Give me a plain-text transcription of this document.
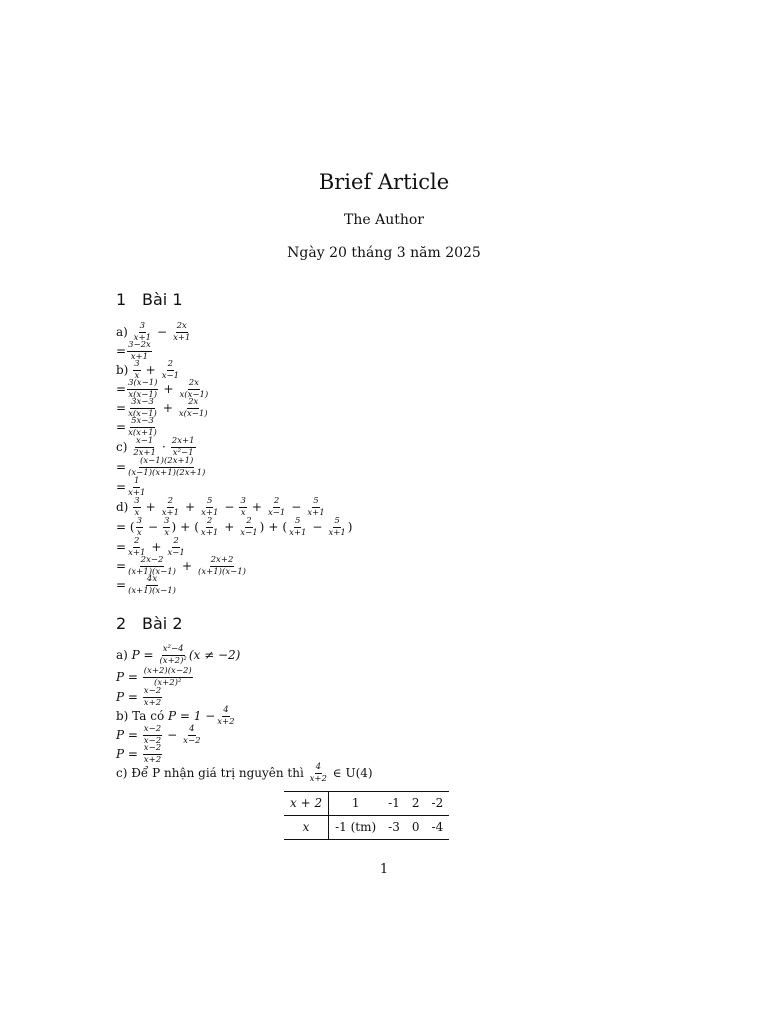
Brief Article
The Author
Ngày 20 tháng 3 năm 2025
1 Bài 1
a)
$\frac{3}{x+1} - \frac{2x}{x+1}$
= $\frac{3-2x}{x+1}$
b)
$\frac{3}{x} + \frac{2}{x-1}$
= $\frac{3(x-1)}{x(x-1)} + \frac{2x}{x(x-1)}$
= $\frac{3x-3}{x(x-1)} + \frac{2x}{x(x-1)}$
= $\frac{5x-3}{x(x+1)}$
c)
$\frac{x-1}{2x+1} \cdot \frac{2x+1}{\text{x²−1}}$
= $\frac{(x-1)(2x+1)}{(x-1)(x+1)(2x+1)}$
= $\frac{1}{x+1}$
d)
$\frac{3}{x} + \frac{2}{x+1} + \frac{5}{x+1} - \frac{3}{x} + \frac{2}{x-1} - \frac{5}{x+1}$
= ( $\frac{3}{x} - \frac{3}{x}$ ) + ( $\frac{2}{x+1} + \frac{2}{x-1}$ ) + ( $\frac{5}{x+1} - \frac{5}{x+1}$ )
= $\frac{2}{x+1} + \frac{2}{x-1}$
= $\frac{2x-2}{(x+1)(x-1)} + \frac{2x+2}{(x+1)(x-1)}$
= $\frac{4x}{(x+1)(x-1)}$
2 Bài 2
a)
P =
$\frac{\text{x²−4}}{\text{(x+2)²}} (x \ne -2)$
P =
$\frac{(x+2)(x-2)}{\text{(x+2)²}}$
P =
$\frac{x-2}{x+2}$
b) Ta có
$P = 1 - \frac{4}{x+2}$
P =
$\frac{x-2}{x-2} - \frac{4}{x-2}$
P =
$\frac{x-2}{x+2}$
c) Để P nhận giá trị nguyên thì
$\frac{4}{x+2}$
∈ U(4)
x + 2	1	-1	2	-2
x	-1 (tm)	-3	0	-4
1
